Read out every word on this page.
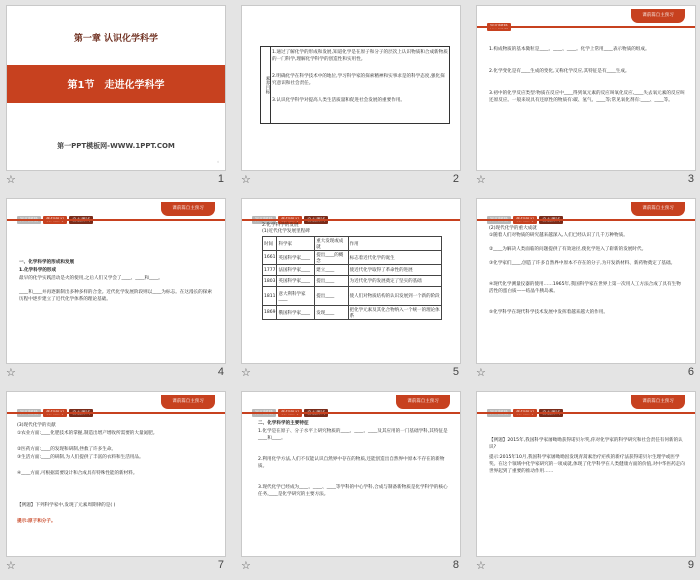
第一章 认识化学科学
第1节　走进化学科学
第一PPT模板网-WWW.1PPT.COM
◦
☆	1
素养目标
1.通过了解化学的形成和发展,知道化学是在原子和分子的层次上认识物质和合成新物质的一门科学,理解化学科学的创造性和实用性。
2.明确化学在科学技术中的地位,学习科学家的探索精神和实事求是的科学态度,强化探究意识和社会责任。
3.认识化学科学对提高人类生活质量和促进社会发展的重要作用。
☆	2
课前篇自主预习
1.构成物质的基本微粒是____、____、____。化学上常用____表示物质的组成。
2.化学变化是有____生成的变化,又称化学反应,其特征是有____生成。
3.初中的化学反应类型:物质在反应中____得到氧元素的反应叫氧化反应,____失去氧元素的反应叫还原反应。一般来说具有还原性的物质有:碳、氢气、____等;常见氧化剂有:____、____等。
☆	3
课前篇自主预习
一、化学科学的形成和发展
1.化学科学的形成
最早的化学实践活动是火的使用,之后人们又学会了____、____和____。
____和____并再逐渐制出多种多样的合金。近代化学发展阶段则以____为标志。在这漫长的探索历程中逐步建立了近代化学体系的理论基础。
☆	4
2.化学科学的发展
(1)近代化学发展里程碑
时间	科学家	重大发现或成就	作用
1661	英国科学家____	提出____的概念	标志着近代化学的诞生
1777	法国科学家____	建立____	使近代化学取得了革命性的进展
1803	英国科学家____	提出____	为近代化学的发展奠定了坚实的基础
1811	意大利科学家____	提出____	使人们对物质结构的认识发展到一个新的阶段
1869	俄国科学家____	发现____	把化学元素及其化合物纳入一个统一的理论体系
☆	5
课前篇自主预习
(2)现代化学的重大成就
①随着人们对物质的研究越来越深入,人们已经认识了几千万种物质。
②____为解决人类面临的问题提供了有效途径,使化学进入了崭新的发展时代。
③化学家们____,创造了许多自然界中原本不存在的分子,为开发新材料、新药物奠定了基础。
④现代化学测量仪器的使用……1965年,我国科学家在世界上第一次用人工方法合成了具有生物活性的蛋白质——结晶牛胰岛素。
⑤化学科学在现代科学技术发展中发挥着越来越大的作用。
☆	6
课前篇自主预习
(3)现代化学的贡献
①农业方面:____化肥技术的掌握,制造出增产增收所需要的大量氮肥。
②医药方面:____的发现和研制,拯救了许多生命。
③生活方面:____的研制,为人们提供了丰富的衣料和生活用品。
④____方面,可根据需要设计和合成具有特殊性能的新材料。
【例题】下列科学家中,发现了元素周期律的是( )
提示:原子和分子。
☆	7
课前篇自主预习
二、化学科学的主要特征
1.化学是在原子、分子水平上研究物质的____、____、____及其应用的一门基础学科,其特征是____和____。
2.利用化学方法,人们不仅能认识自然界中存在的物质,还能创造出自然界中原本不存在的新物质。
3.现代化学已经成为____、____、____等学科的中心学科,合成与制备新物质是化学科学的核心任务,____是化学研究的主要方法。
☆	8
课前篇自主预习
【例题】2015年,我国科学家屠呦呦获得诺贝尔奖,你对化学家的科学研究和社会责任有何新的认识?
提示:2015年10月,我国科学家屠呦呦因发现青蒿素治疗疟疾的新疗法获得诺贝尔生理学或医学奖。在这个领域中化学家研究的一项成就,体现了化学科学在人类健康方面的价值,对中华医药走向世界起到了重要的推动作用……
☆	9
